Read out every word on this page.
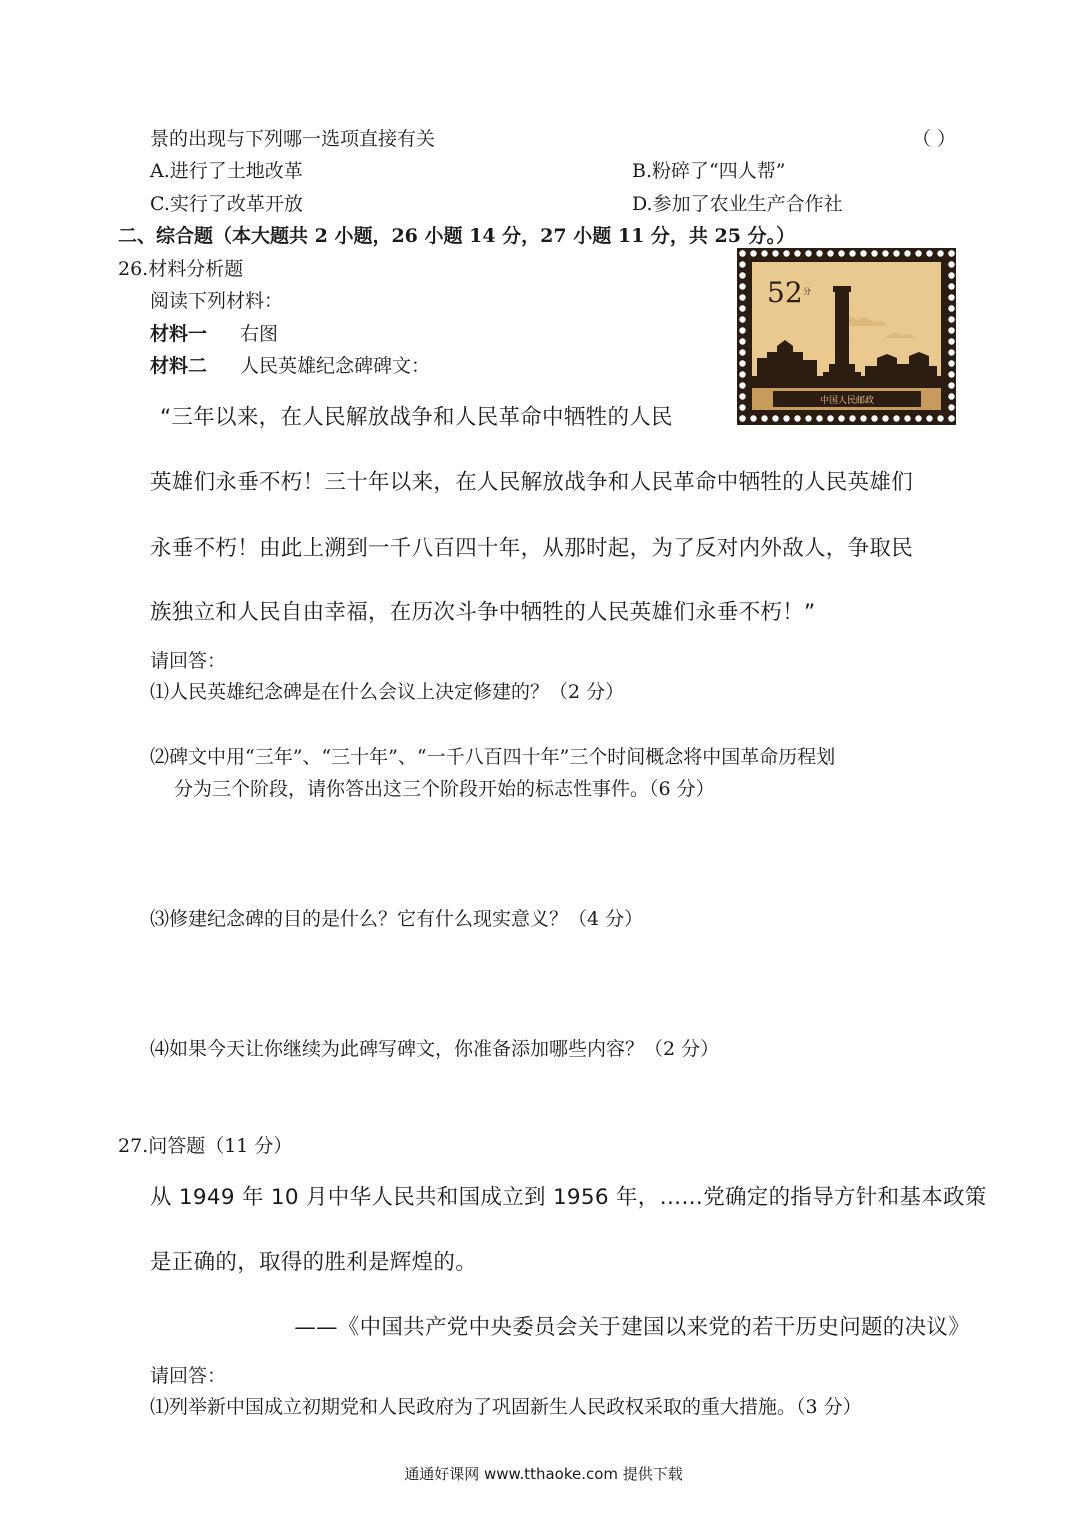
景的出现与下列哪一选项直接有关	（ ）
A.进行了土地改革	B.粉碎了“四人帮”
C.实行了改革开放	D.参加了农业生产合作社
二、综合题（本大题共 2 小题，26 小题 14 分，27 小题 11 分，共 25 分。）
26.材料分析题
阅读下列材料：
材料一 右图
材料二 人民英雄纪念碑碑文：
中国人民邮政
52 分
“三年以来，在人民解放战争和人民革命中牺牲的人民
英雄们永垂不朽！三十年以来，在人民解放战争和人民革命中牺牲的人民英雄们
永垂不朽！由此上溯到一千八百四十年，从那时起，为了反对内外敌人，争取民
族独立和人民自由幸福，在历次斗争中牺牲的人民英雄们永垂不朽！”
请回答：
⑴人民英雄纪念碑是在什么会议上决定修建的？（2 分）
⑵碑文中用“三年”、“三十年”、“一千八百四十年”三个时间概念将中国革命历程划
分为三个阶段，请你答出这三个阶段开始的标志性事件。（6 分）
⑶修建纪念碑的目的是什么？它有什么现实意义？（4 分）
⑷如果今天让你继续为此碑写碑文，你准备添加哪些内容？（2 分）
27.问答题（11 分）
从 1949 年 10 月中华人民共和国成立到 1956 年，……党确定的指导方针和基本政策
是正确的，取得的胜利是辉煌的。
——《中国共产党中央委员会关于建国以来党的若干历史问题的决议》
请回答：
⑴列举新中国成立初期党和人民政府为了巩固新生人民政权采取的重大措施。（3 分）
通通好课网 www.tthaoke.com 提供下载
